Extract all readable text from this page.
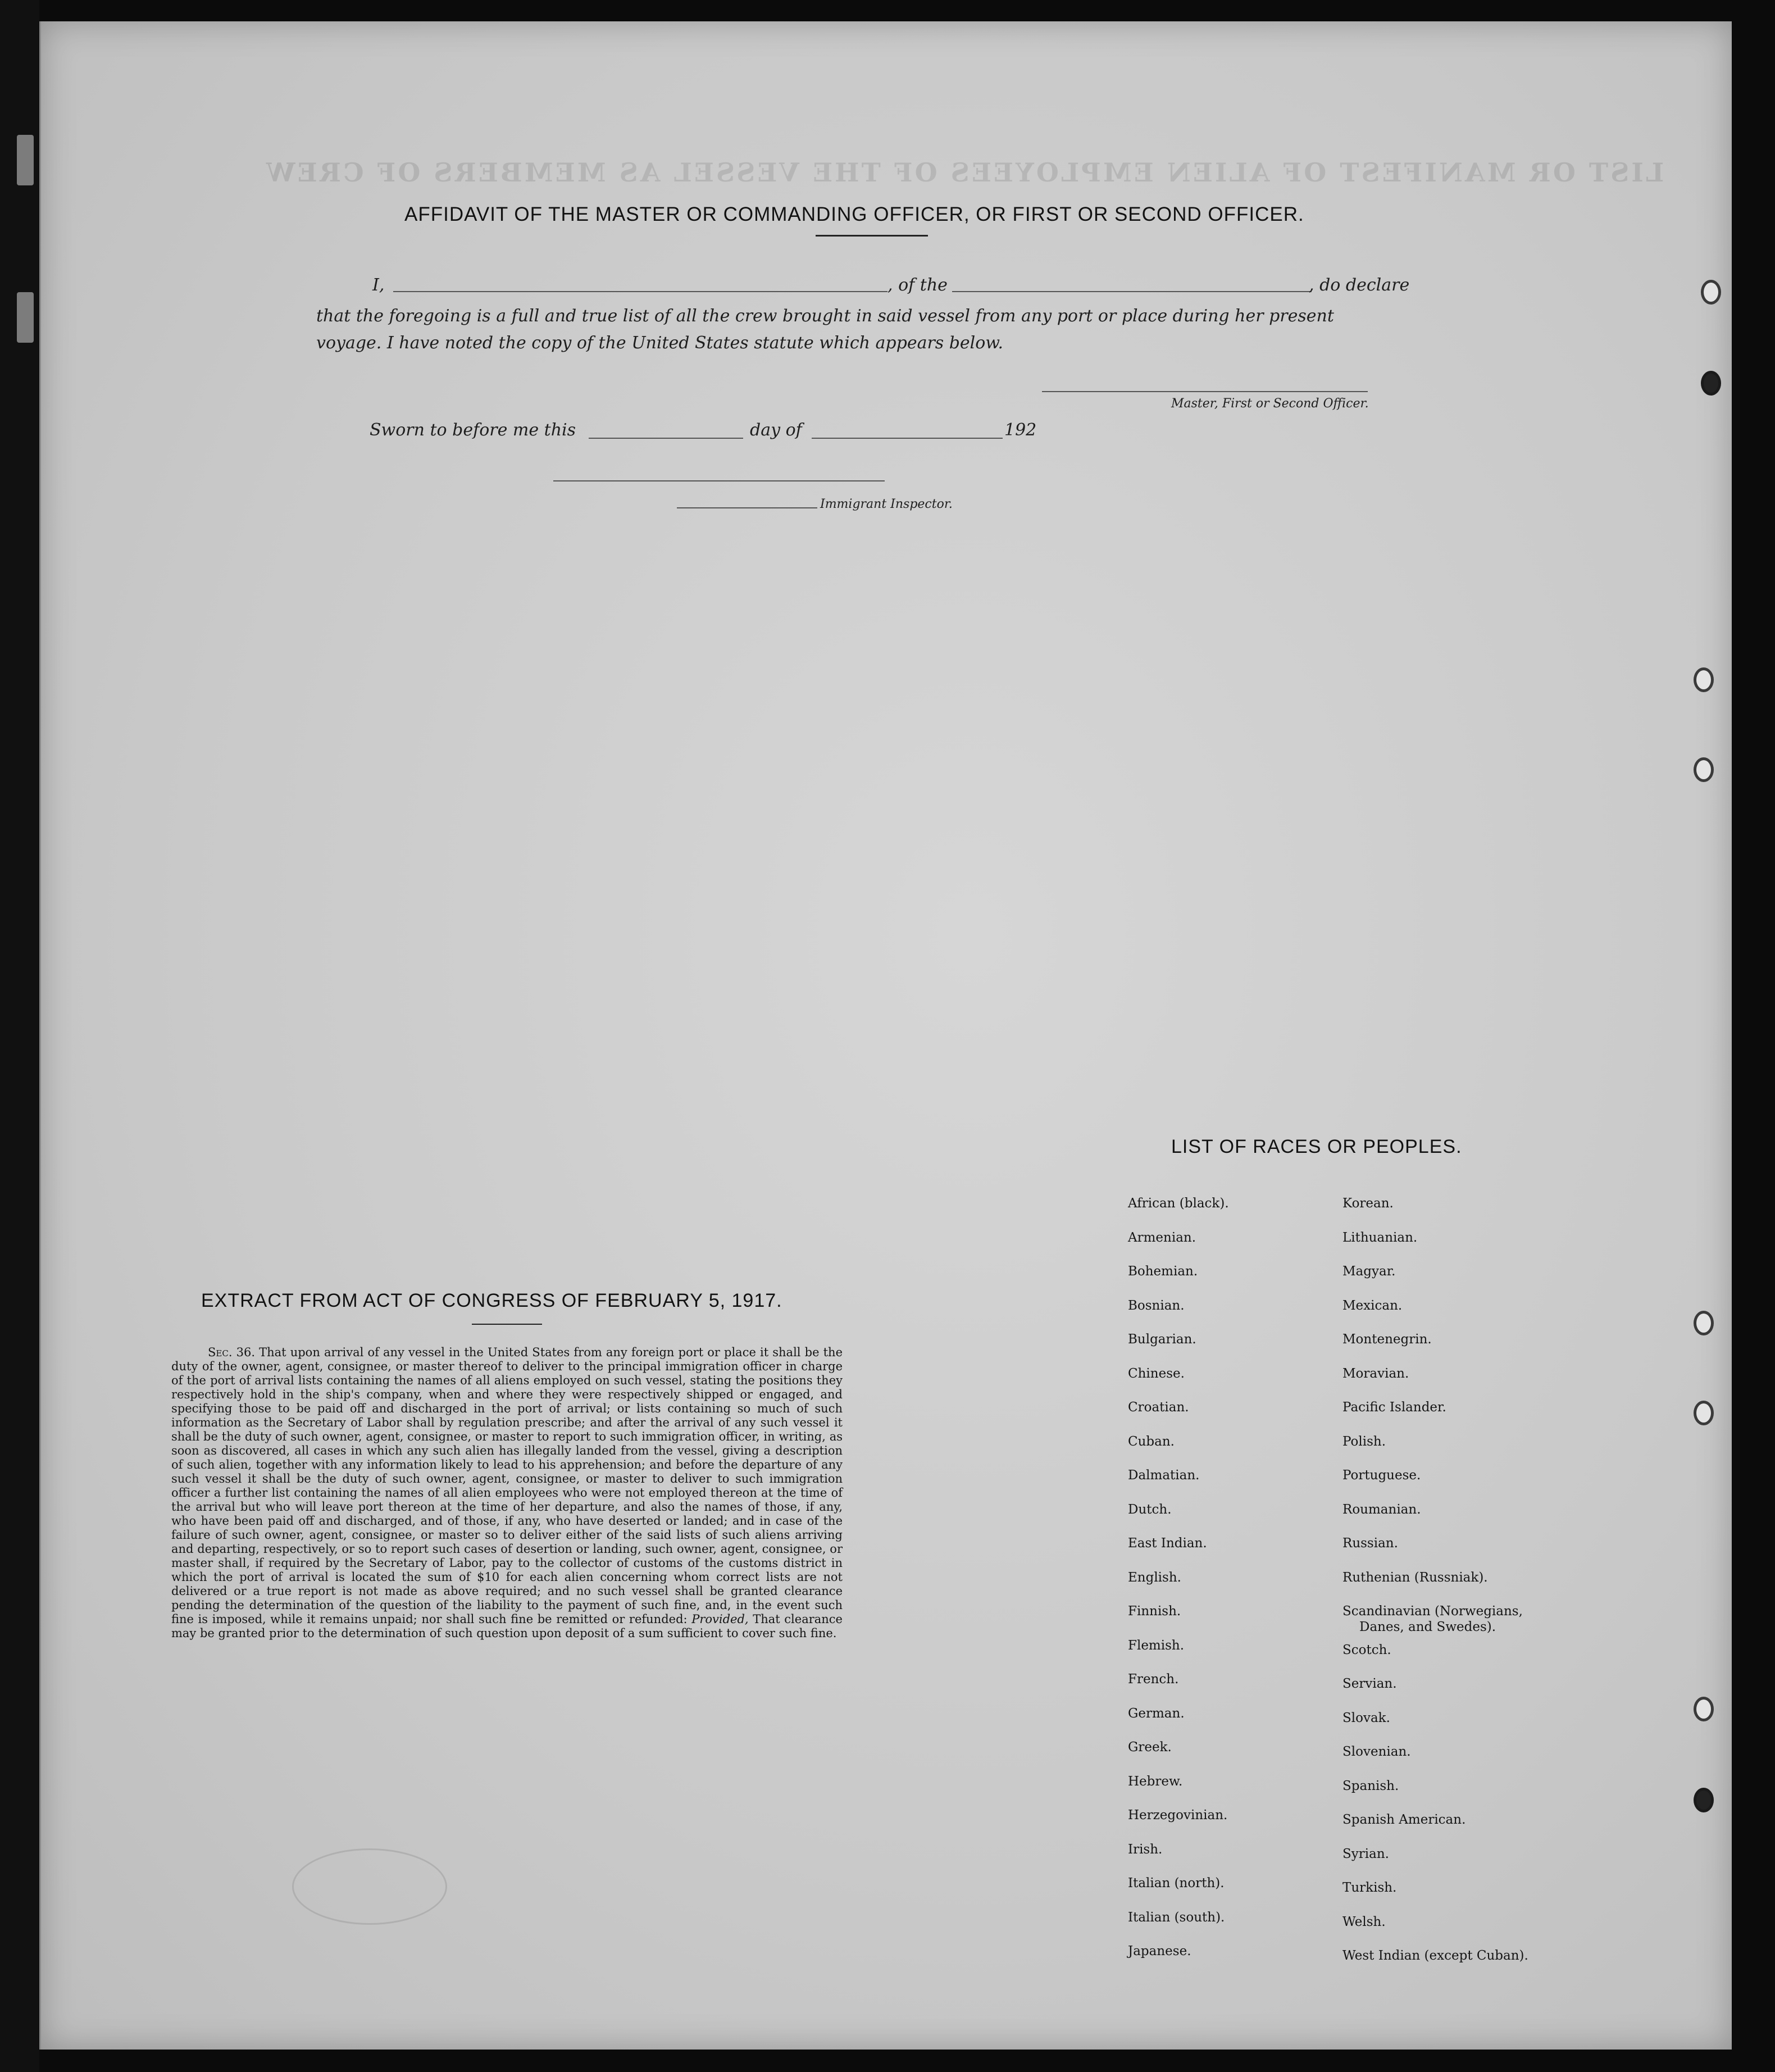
LIST OR MANIFEST OF ALIEN EMPLOYEES OF THE VESSEL AS MEMBERS OF CREW
AFFIDAVIT OF THE MASTER OR COMMANDING OFFICER, OR FIRST OR SECOND OFFICER.
I,	, of the	, do declare
that the foregoing is a full and true list of all the crew brought in said vessel from any port or place during her present
voyage. I have noted the copy of the United States statute which appears below.
Master, First or Second Officer.
Sworn to before me this	day of	192
Immigrant Inspector.
EXTRACT FROM ACT OF CONGRESS OF FEBRUARY 5, 1917.
Sec. 36. That upon arrival of any vessel in the United States from any foreign port or place it shall be the duty of the owner, agent, consignee, or master thereof to deliver to the principal immigration officer in charge of the port of arrival lists containing the names of all aliens employed on such vessel, stating the positions they respectively hold in the ship's company, when and where they were respectively shipped or engaged, and specifying those to be paid off and discharged in the port of arrival; or lists containing so much of such information as the Secretary of Labor shall by regulation prescribe; and after the arrival of any such vessel it shall be the duty of such owner, agent, consignee, or master to report to such immigration officer, in writing, as soon as discovered, all cases in which any such alien has illegally landed from the vessel, giving a description of such alien, together with any information likely to lead to his apprehension; and before the departure of any such vessel it shall be the duty of such owner, agent, consignee, or master to deliver to such immigration officer a further list containing the names of all alien employees who were not employed thereon at the time of the arrival but who will leave port thereon at the time of her departure, and also the names of those, if any, who have been paid off and discharged, and of those, if any, who have deserted or landed; and in case of the failure of such owner, agent, consignee, or master so to deliver either of the said lists of such aliens arriving and departing, respectively, or so to report such cases of desertion or landing, such owner, agent, consignee, or master shall, if required by the Secretary of Labor, pay to the collector of customs of the customs district in which the port of arrival is located the sum of $10 for each alien concerning whom correct lists are not delivered or a true report is not made as above required; and no such vessel shall be granted clearance pending the determination of the question of the liability to the payment of such fine, and, in the event such fine is imposed, while it remains unpaid; nor shall such fine be remitted or refunded: Provided, That clearance may be granted prior to the determination of such question upon deposit of a sum sufficient to cover such fine.
LIST OF RACES OR PEOPLES.
African (black).
Armenian.
Bohemian.
Bosnian.
Bulgarian.
Chinese.
Croatian.
Cuban.
Dalmatian.
Dutch.
East Indian.
English.
Finnish.
Flemish.
French.
German.
Greek.
Hebrew.
Herzegovinian.
Irish.
Italian (north).
Italian (south).
Japanese.
Korean.
Lithuanian.
Magyar.
Mexican.
Montenegrin.
Moravian.
Pacific Islander.
Polish.
Portuguese.
Roumanian.
Russian.
Ruthenian (Russniak).
Scandinavian (Norwegians,
Danes, and Swedes).
Scotch.
Servian.
Slovak.
Slovenian.
Spanish.
Spanish American.
Syrian.
Turkish.
Welsh.
West Indian (except Cuban).
